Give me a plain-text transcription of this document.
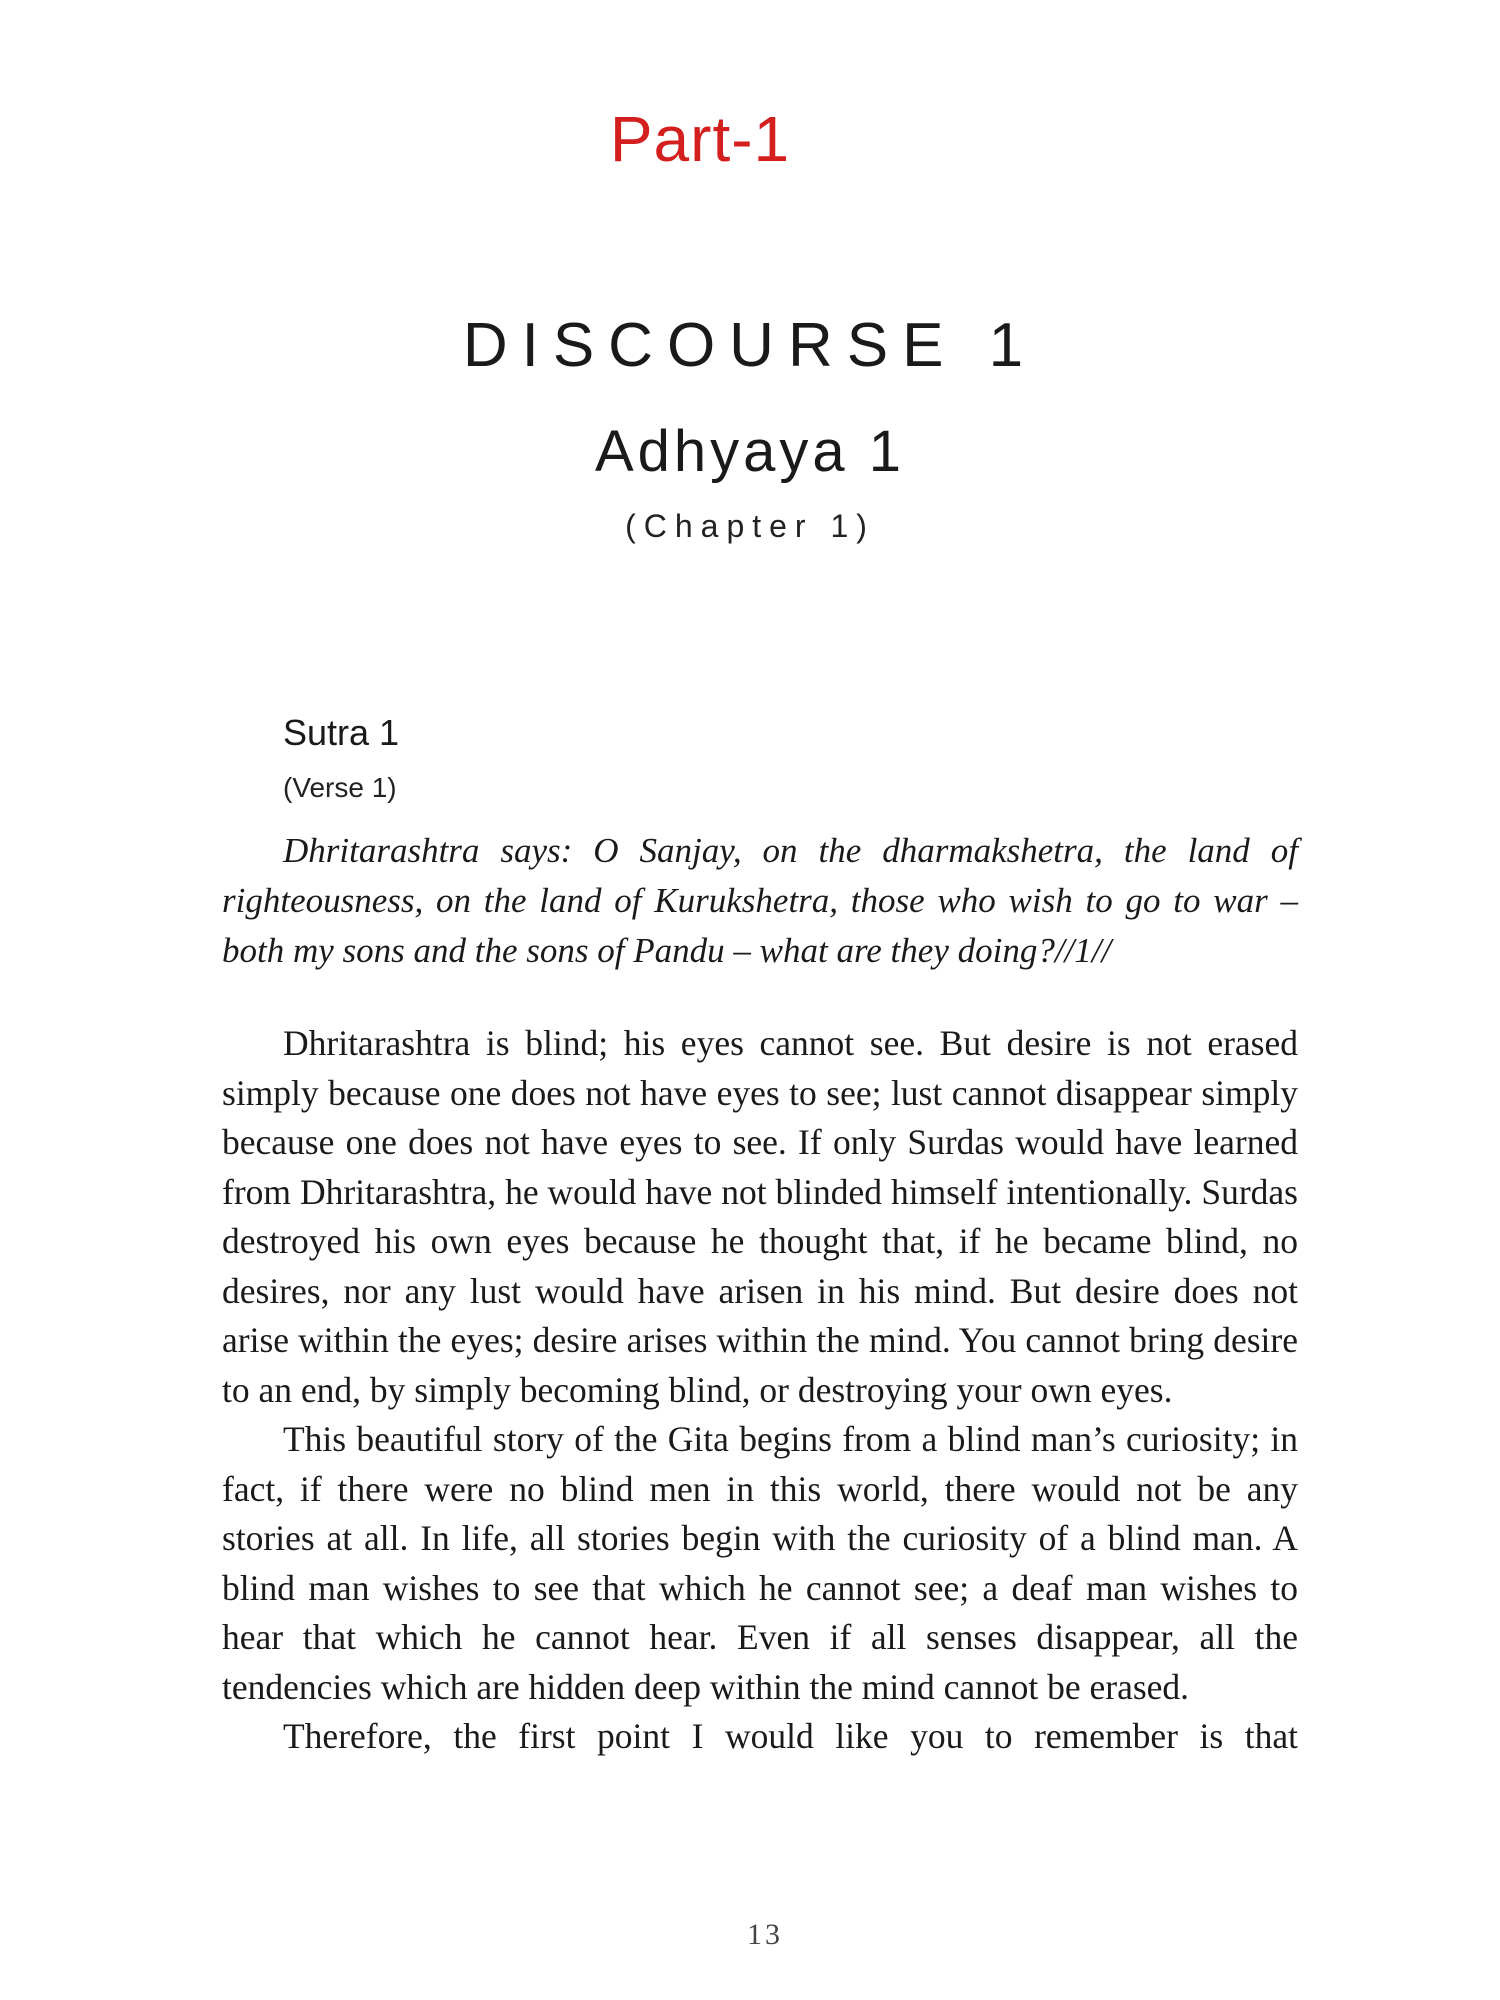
Part-1
DISCOURSE 1
Adhyaya 1
(Chapter 1)
Sutra 1
(Verse 1)

Dhritarashtra says: O Sanjay, on the dharmakshetra, the land of righteousness, on the land of Kurukshetra, those who wish to go to war – both my sons and the sons of Pandu – what are they doing?//1//

Dhritarashtra is blind; his eyes cannot see. But desire is not erased simply because one does not have eyes to see; lust cannot disappear simply because one does not have eyes to see. If only Surdas would have learned from Dhritarashtra, he would have not blinded himself intentionally. Surdas destroyed his own eyes because he thought that, if he became blind, no desires, nor any lust would have arisen in his mind. But desire does not arise within the eyes; desire arises within the mind. You cannot bring desire to an end, by simply becoming blind, or destroying your own eyes.

This beautiful story of the Gita begins from a blind man’s curiosity; in fact, if there were no blind men in this world, there would not be any stories at all. In life, all stories begin with the curiosity of a blind man. A blind man wishes to see that which he cannot see; a deaf man wishes to hear that which he cannot hear. Even if all senses disappear, all the tendencies which are hidden deep within the mind cannot be erased.

Therefore, the first point I would like you to remember is that

13
